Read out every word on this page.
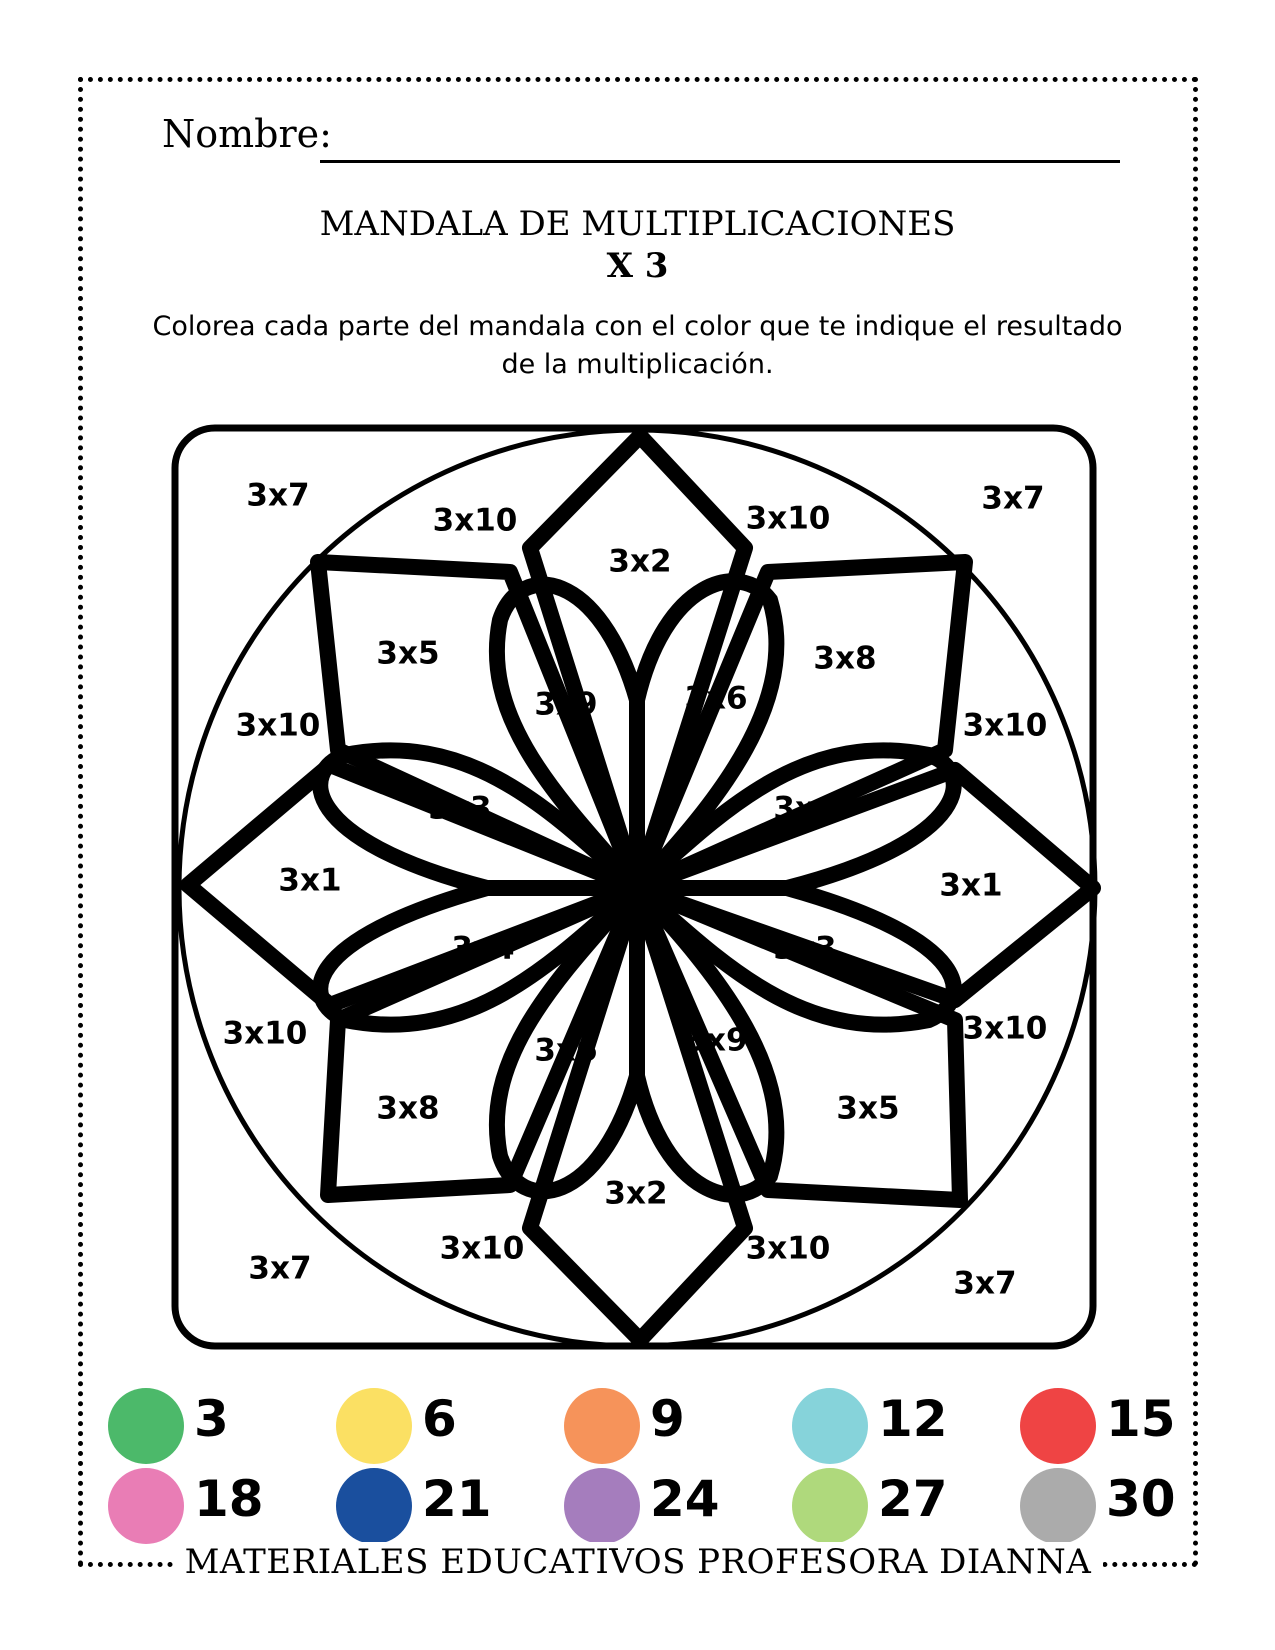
Nombre:
MANDALA DE MULTIPLICACIONES
X 3
Colorea cada parte del mandala con el color que te indique el resultado
de la multiplicación.
3x7
3x10
3x2
3x10
3x7
3x5
3x9	3x6
3x8
3x10	3x10
3x3	3x4
3x1	3x1
3x4	3x3
3x10	3x10
3x6	3x9
3x8	3x5
3x2
3x10	3x10
3x7	3x7
3	6	9	12	15
18	21	24	27	30
MATERIALES EDUCATIVOS PROFESORA DIANNA
